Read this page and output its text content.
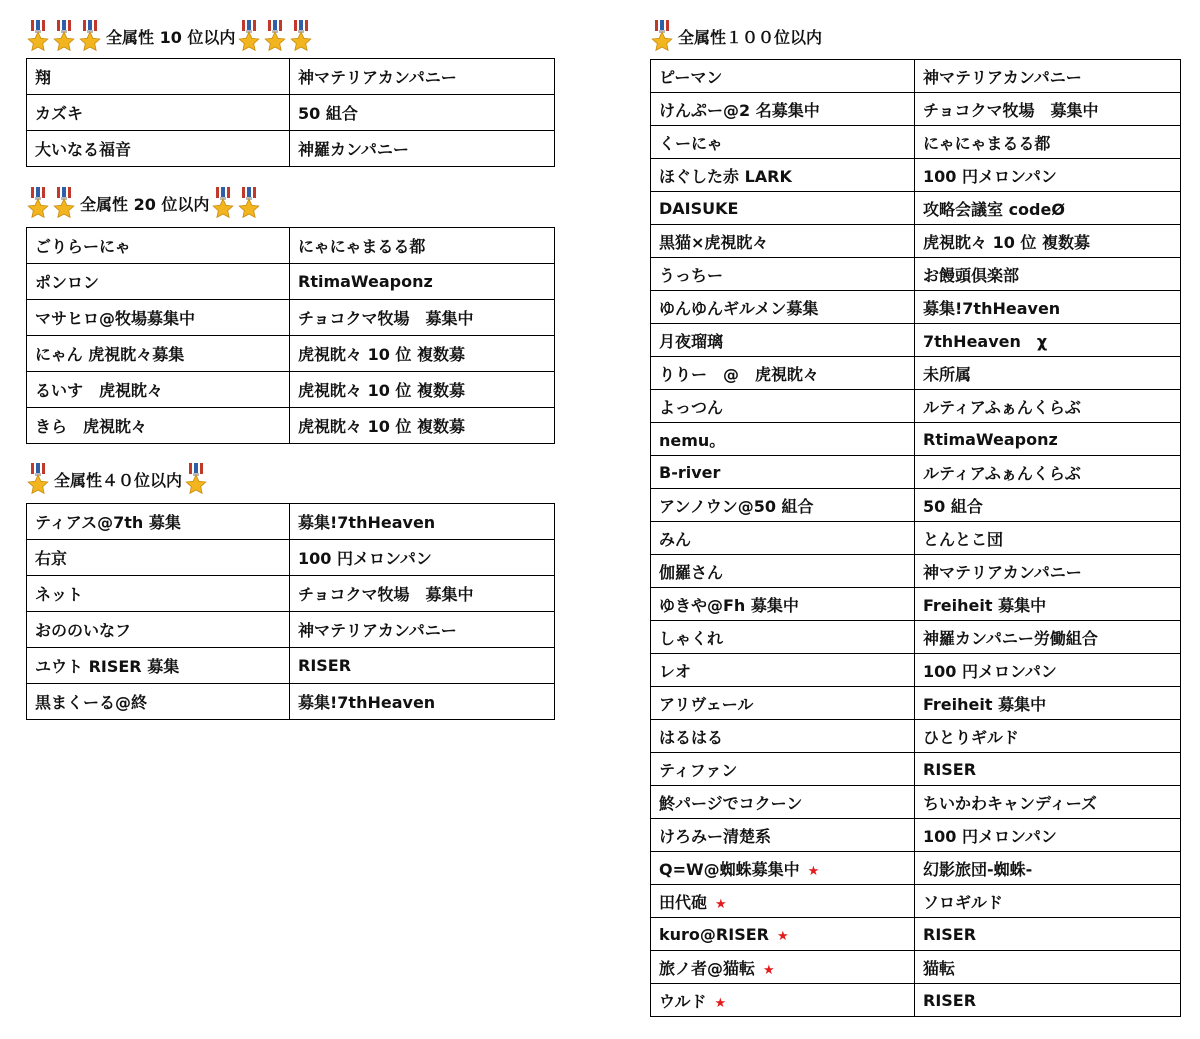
全属性 10 位以内
翔	神マテリアカンパニー
カズキ	50 組合
大いなる福音	神羅カンパニー
全属性 20 位以内
ごりらーにゃ	にゃにゃまるる都
ポンロン	RtimaWeaponz
マサヒロ@牧場募集中	チョコクマ牧場　募集中
にゃん 虎視眈々募集	虎視眈々 10 位 複数募
るいす　虎視眈々	虎視眈々 10 位 複数募
きら　虎視眈々	虎視眈々 10 位 複数募
全属性４０位以内
ティアス@7th 募集	募集!7thHeaven
右京	100 円メロンパン
ネット	チョコクマ牧場　募集中
おののいなフ	神マテリアカンパニー
ユウト RISER 募集	RISER
黒まくーる@終	募集!7thHeaven
全属性１００位以内
ピーマン	神マテリアカンパニー
けんぷー@2 名募集中	チョコクマ牧場　募集中
くーにゃ	にゃにゃまるる都
ほぐした赤 LARK	100 円メロンパン
DAISUKE	攻略会議室 codeØ
黒猫×虎視眈々	虎視眈々 10 位 複数募
うっちー	お饅頭倶楽部
ゆんゆんギルメン募集	募集!7thHeaven
月夜瑠璃	7thHeaven　χ
りりー　@　虎視眈々	未所属
よっつん	ルティアふぁんくらぶ
nemu。	RtimaWeaponz
B-river	ルティアふぁんくらぶ
アンノウン@50 組合	50 組合
みん	とんとこ団
伽羅さん	神マテリアカンパニー
ゆきや@Fh 募集中	Freiheit 募集中
しゃくれ	神羅カンパニー労働組合
レオ	100 円メロンパン
アリヴェール	Freiheit 募集中
はるはる	ひとりギルド
ティファン	RISER
鮗パージでコクーン	ちいかわキャンディーズ
けろみー清楚系	100 円メロンパン
Q=W@蜘蛛募集中 ★	幻影旅団-蜘蛛-
田代砲 ★	ソロギルド
kuro@RISER ★	RISER
旅ノ者@猫転 ★	猫転
ウルド ★	RISER
